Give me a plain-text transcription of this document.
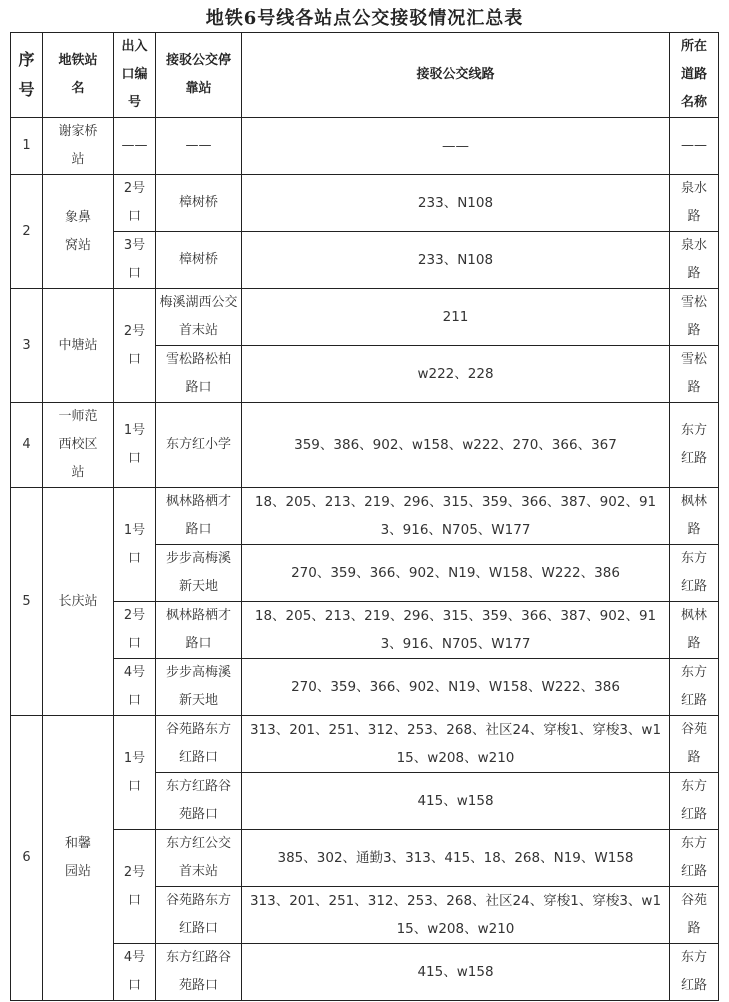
地铁6号线各站点公交接驳情况汇总表
序号	地铁站名	出入口编号	接驳公交停靠站	接驳公交线路	所在道路名称
1	谢家桥站	——	——	——	——
2	象鼻窝站	2号口	樟树桥	233、N108	泉水路
		3号口	樟树桥	233、N108	泉水路
3	中塘站	2号口	梅溪湖西公交首末站	211	雪松路
			雪松路松柏路口	w222、228	雪松路
4	一师范西校区站	1号口	东方红小学	359、386、902、w158、w222、270、366、367	东方红路
5	长庆站	1号口	枫林路栖才路口	18、205、213、219、296、315、359、366、387、902、913、916、N705、W177	枫林路
			步步高梅溪新天地	270、359、366、902、N19、W158、W222、386	东方红路
		2号口	枫林路栖才路口	18、205、213、219、296、315、359、366、387、902、913、916、N705、W177	枫林路
		4号口	步步高梅溪新天地	270、359、366、902、N19、W158、W222、386	东方红路
6	和馨园站	1号口	谷苑路东方红路口	313、201、251、312、253、268、社区24、穿梭1、穿梭3、w115、w208、w210	谷苑路
			东方红路谷苑路口	415、w158	东方红路
		2号口	东方红公交首末站	385、302、通勤3、313、415、18、268、N19、W158	东方红路
			谷苑路东方红路口	313、201、251、312、253、268、社区24、穿梭1、穿梭3、w115、w208、w210	谷苑路
		4号口	东方红路谷苑路口	415、w158	东方红路
